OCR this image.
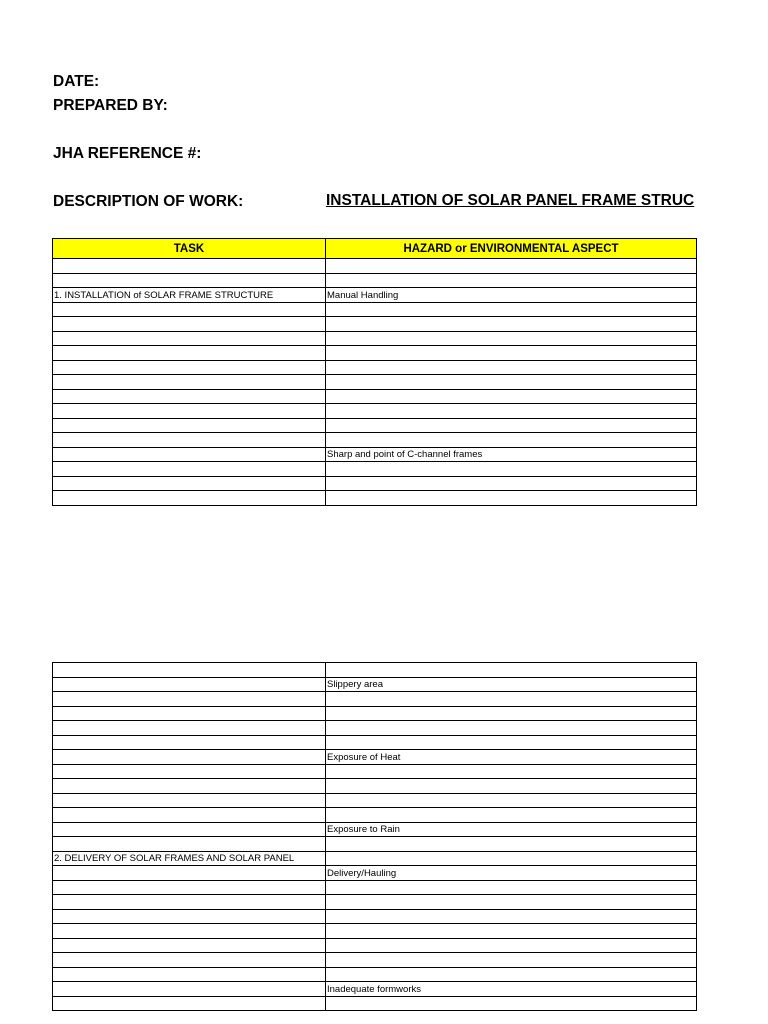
DATE:
PREPARED BY:
JHA REFERENCE #:
DESCRIPTION OF WORK:	INSTALLATION OF SOLAR PANEL FRAME STRUC
TASK	HAZARD or ENVIRONMENTAL ASPECT

1. INSTALLATION of SOLAR FRAME STRUCTURE	Manual Handling

	Sharp and point of C-channel frames

	Slippery area

	Exposure of Heat

	Exposure to Rain

2. DELIVERY OF SOLAR FRAMES AND SOLAR PANEL	
	Delivery/Hauling

	Inadequate formworks
